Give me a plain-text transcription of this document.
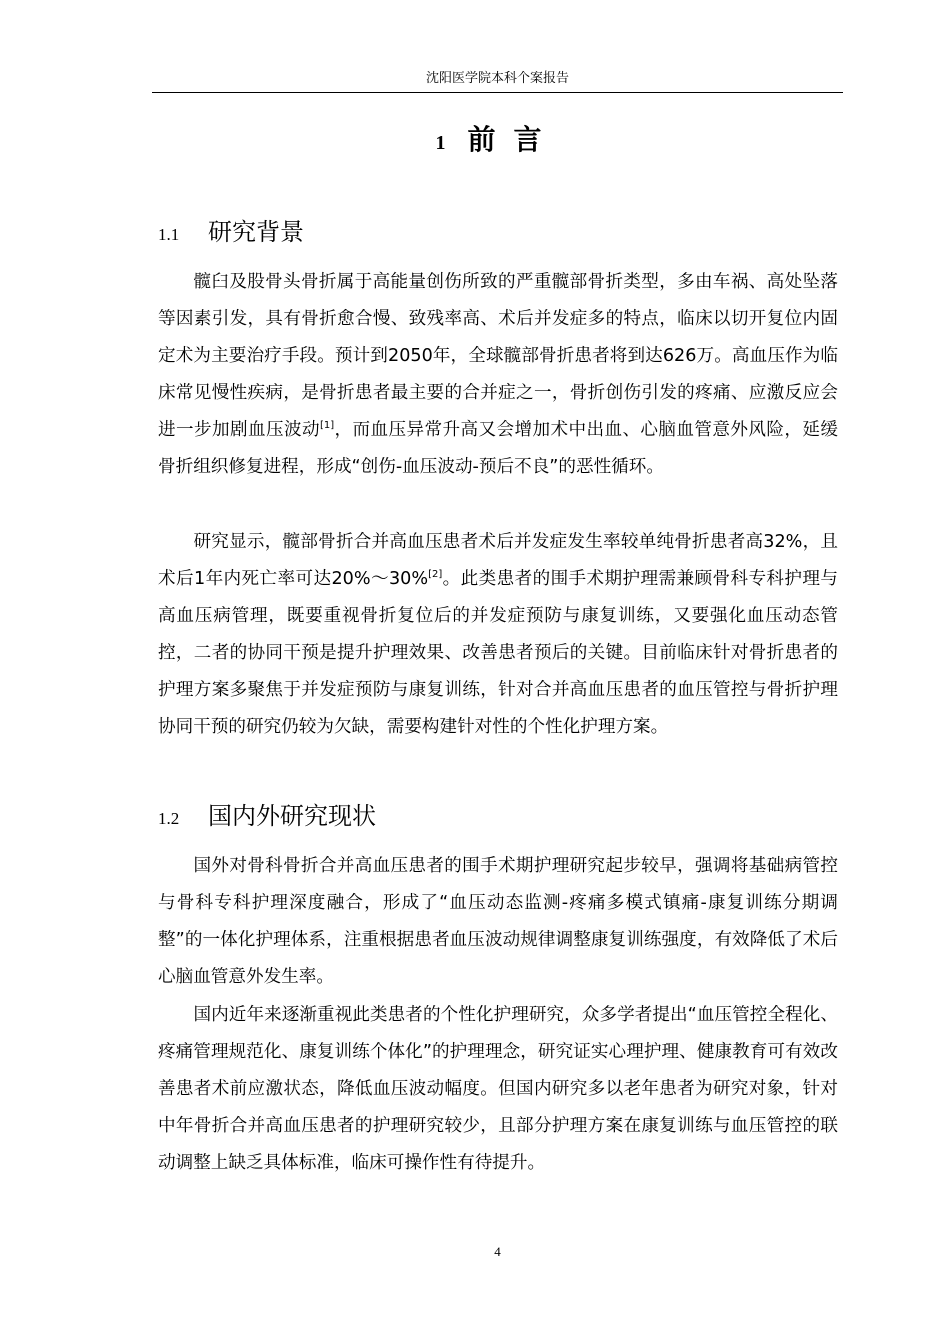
沈阳医学院本科个案报告
1 前言
1.1 研究背景

髋臼及股骨头骨折属于高能量创伤所致的严重髋部骨折类型，多由车祸、高处坠落等因素引发，具有骨折愈合慢、致残率高、术后并发症多的特点，临床以切开复位内固定术为主要治疗手段。预计到2050年，全球髋部骨折患者将到达626万。高血压作为临床常见慢性疾病，是骨折患者最主要的合并症之一，骨折创伤引发的疼痛、应激反应会进一步加剧血压波动[1]，而血压异常升高又会增加术中出血、心脑血管意外风险，延缓骨折组织修复进程，形成“创伤-血压波动-预后不良”的恶性循环。

研究显示，髋部骨折合并高血压患者术后并发症发生率较单纯骨折患者高32%，且术后1年内死亡率可达20%～30%[2]。此类患者的围手术期护理需兼顾骨科专科护理与高血压病管理，既要重视骨折复位后的并发症预防与康复训练，又要强化血压动态管控，二者的协同干预是提升护理效果、改善患者预后的关键。目前临床针对骨折患者的护理方案多聚焦于并发症预防与康复训练，针对合并高血压患者的血压管控与骨折护理协同干预的研究仍较为欠缺，需要构建针对性的个性化护理方案。

1.2 国内外研究现状

国外对骨科骨折合并高血压患者的围手术期护理研究起步较早，强调将基础病管控与骨科专科护理深度融合，形成了“血压动态监测-疼痛多模式镇痛-康复训练分期调整”的一体化护理体系，注重根据患者血压波动规律调整康复训练强度，有效降低了术后心脑血管意外发生率。

国内近年来逐渐重视此类患者的个性化护理研究，众多学者提出“血压管控全程化、疼痛管理规范化、康复训练个体化”的护理理念，研究证实心理护理、健康教育可有效改善患者术前应激状态，降低血压波动幅度。但国内研究多以老年患者为研究对象，针对中年骨折合并高血压患者的护理研究较少，且部分护理方案在康复训练与血压管控的联动调整上缺乏具体标准，临床可操作性有待提升。

4
